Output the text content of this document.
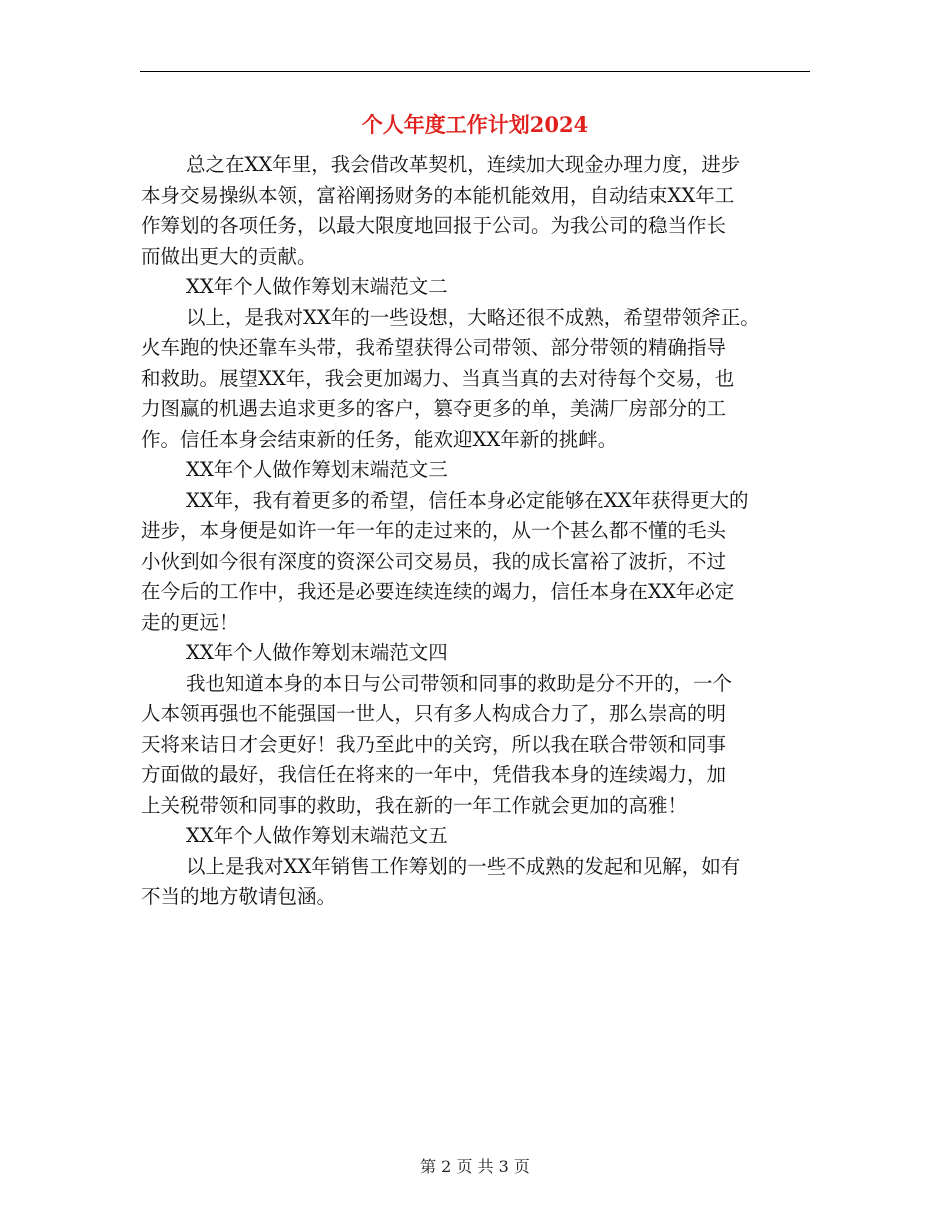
个人年度工作计划2024
总之在XX年里，我会借改革契机，连续加大现金办理力度，进步
本身交易操纵本领，富裕阐扬财务的本能机能效用，自动结束XX年工
作筹划的各项任务，以最大限度地回报于公司。为我公司的稳当作长
而做出更大的贡献。
XX年个人做作筹划末端范文二
以上，是我对XX年的一些设想，大略还很不成熟，希望带领斧正。
火车跑的快还靠车头带，我希望获得公司带领、部分带领的精确指导
和救助。展望XX年，我会更加竭力、当真当真的去对待每个交易，也
力图赢的机遇去追求更多的客户，篡夺更多的单，美满厂房部分的工
作。信任本身会结束新的任务，能欢迎XX年新的挑衅。
XX年个人做作筹划末端范文三
XX年，我有着更多的希望，信任本身必定能够在XX年获得更大的
进步，本身便是如许一年一年的走过来的，从一个甚么都不懂的毛头
小伙到如今很有深度的资深公司交易员，我的成长富裕了波折，不过
在今后的工作中，我还是必要连续连续的竭力，信任本身在XX年必定
走的更远！
XX年个人做作筹划末端范文四
我也知道本身的本日与公司带领和同事的救助是分不开的，一个
人本领再强也不能强国一世人，只有多人构成合力了，那么崇高的明
天将来诘日才会更好！我乃至此中的关窍，所以我在联合带领和同事
方面做的最好，我信任在将来的一年中，凭借我本身的连续竭力，加
上关税带领和同事的救助，我在新的一年工作就会更加的高雅！
XX年个人做作筹划末端范文五
以上是我对XX年销售工作筹划的一些不成熟的发起和见解，如有
不当的地方敬请包涵。
第 2 页 共 3 页
